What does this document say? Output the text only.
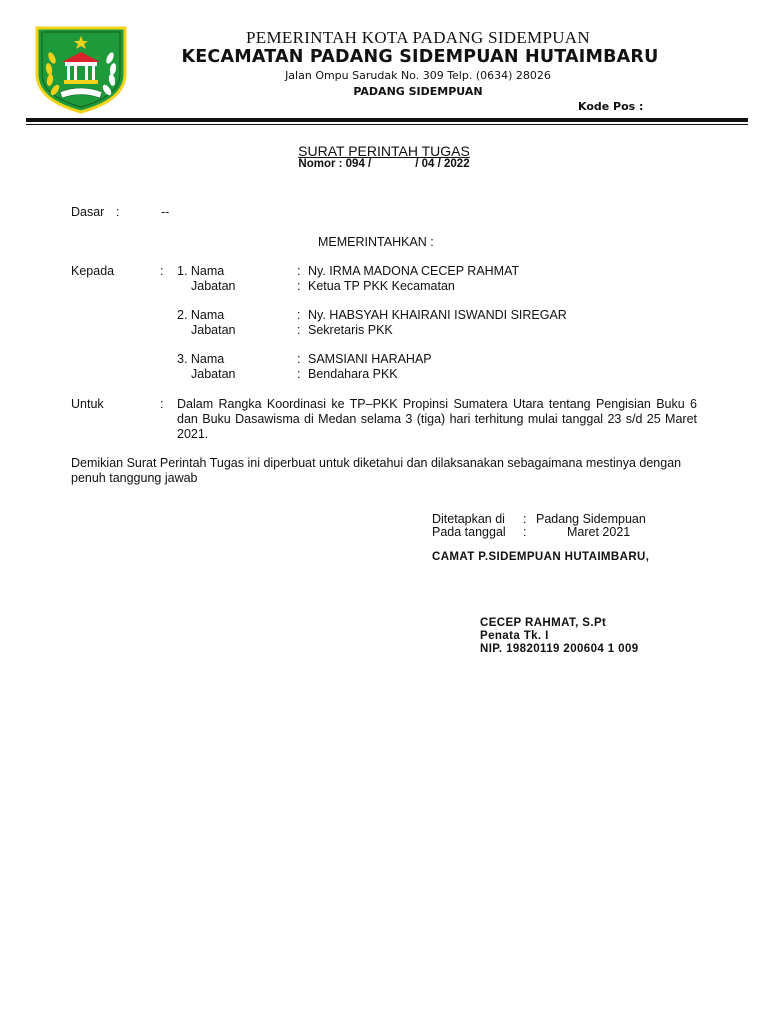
PEMERINTAH KOTA PADANG SIDEMPUAN
KECAMATAN PADANG SIDEMPUAN HUTAIMBARU
Jalan Ompu Sarudak No. 309 Telp. (0634) 28026
PADANG SIDEMPUAN
Kode Pos :
SURAT PERINTAH TUGAS
Nomor : 094 /	/ 04 / 2022
Dasar :	--
MEMERINTAHKAN :
Kepada	: 1. Nama	: Ny. IRMA MADONA CECEP RAHMAT
Jabatan	: Ketua TP PKK Kecamatan
2. Nama	: Ny. HABSYAH KHAIRANI ISWANDI SIREGAR
Jabatan	: Sekretaris PKK
3. Nama	: SAMSIANI HARAHAP
Jabatan	: Bendahara PKK
Untuk	: Dalam Rangka Koordinasi ke TP–PKK Propinsi Sumatera Utara tentang Pengisian Buku 6 dan Buku Dasawisma di Medan selama 3 (tiga) hari terhitung mulai tanggal 23 s/d 25 Maret 2021.
Demikian Surat Perintah Tugas ini diperbuat untuk diketahui dan dilaksanakan sebagaimana mestinya dengan penuh tanggung jawab
Ditetapkan di : Padang Sidempuan
Pada tanggal :	Maret 2021
CAMAT P.SIDEMPUAN HUTAIMBARU,
CECEP RAHMAT, S.Pt
Penata Tk. I
NIP. 19820119 200604 1 009
